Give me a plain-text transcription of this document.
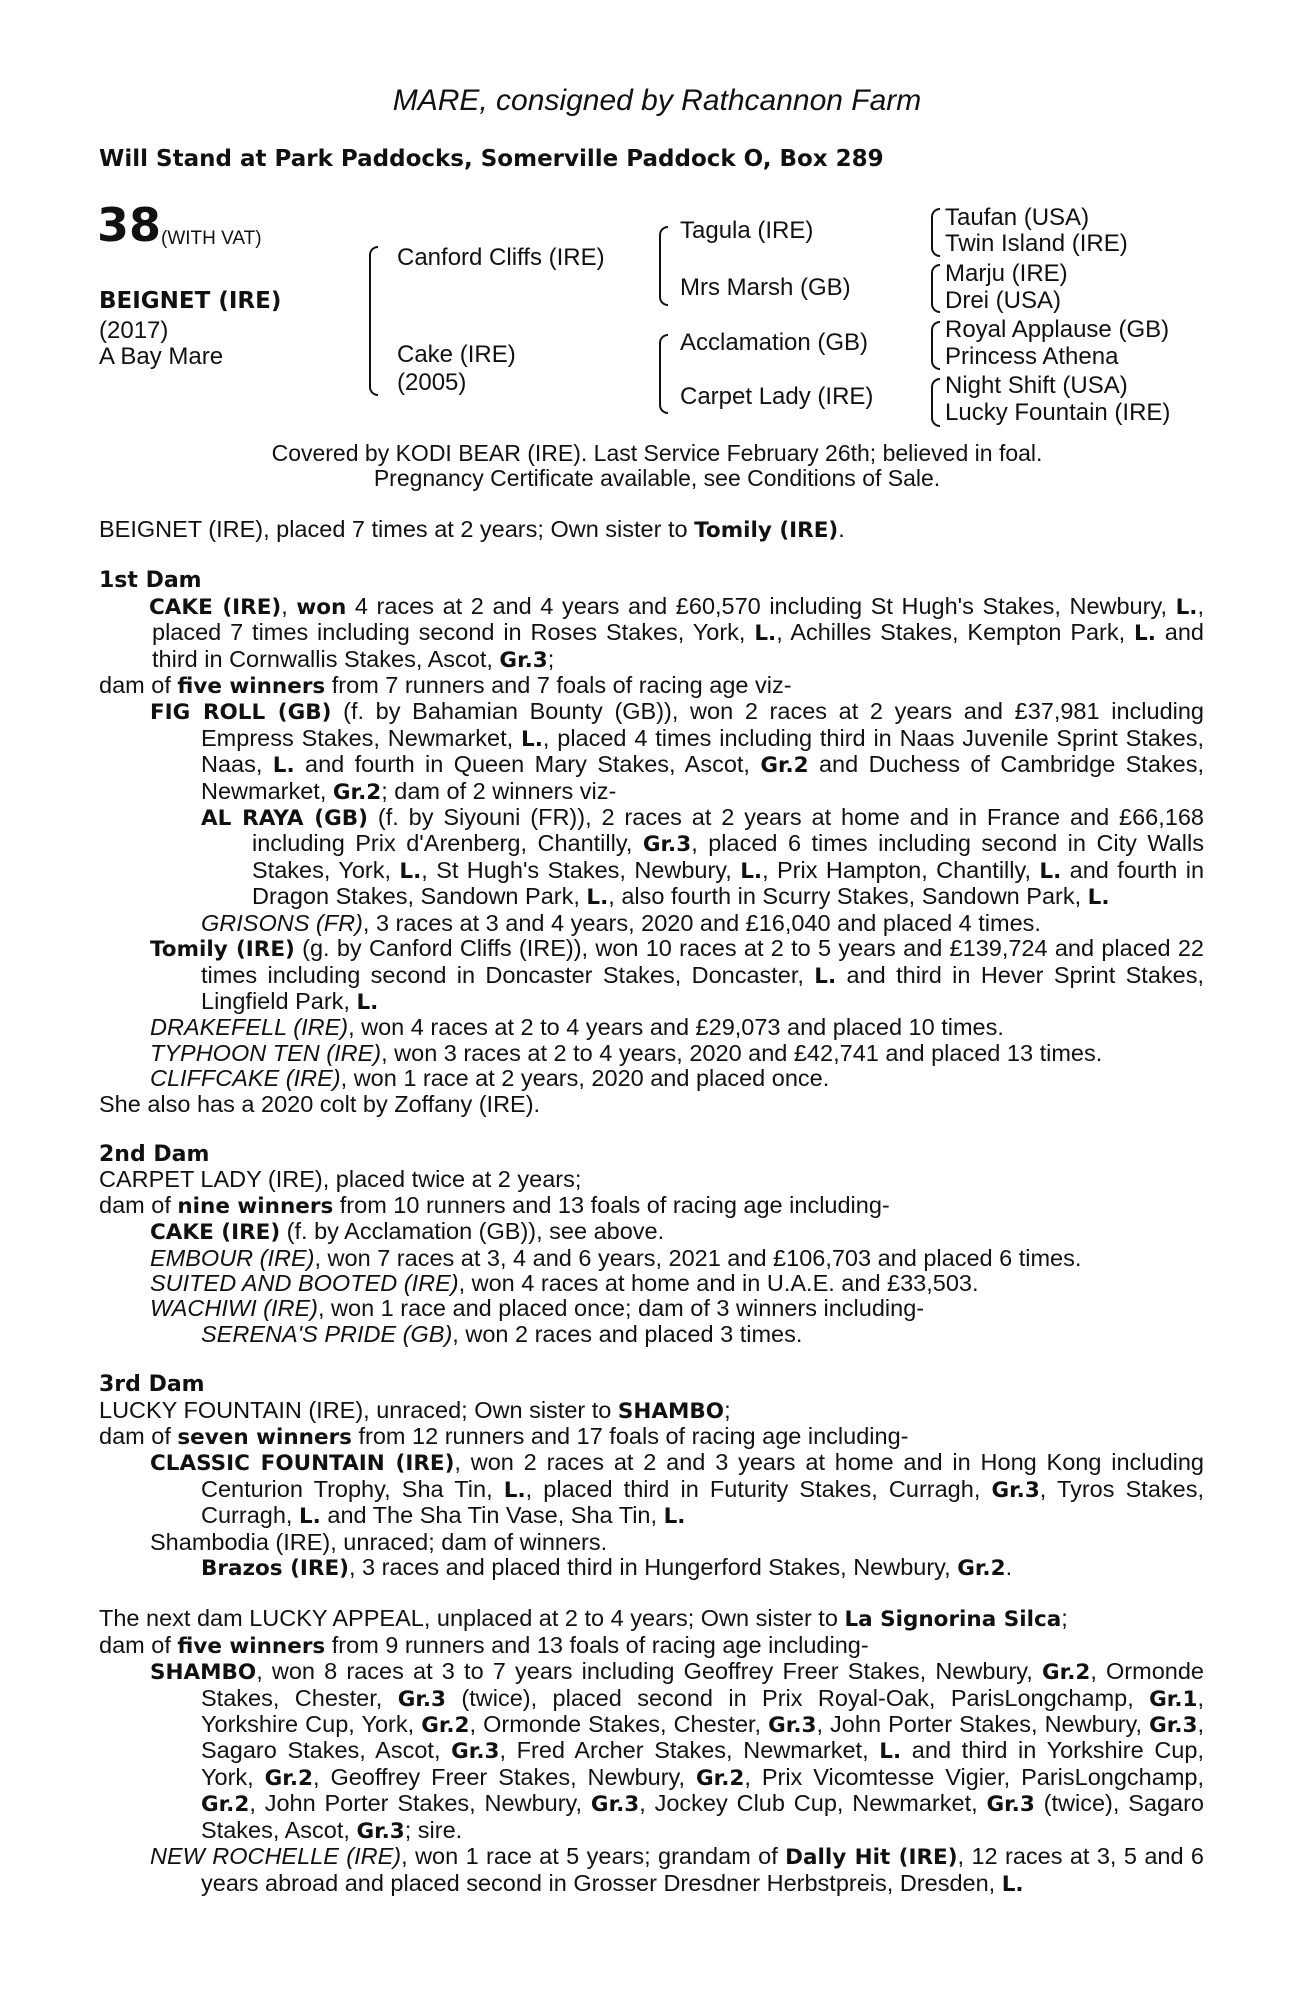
MARE, consigned by Rathcannon Farm
Will Stand at Park Paddocks, Somerville Paddock O, Box 289
38 (WITH VAT)
BEIGNET (IRE)
(2017)
A Bay Mare
Canford Cliffs (IRE)
Cake (IRE)
(2005)
Tagula (IRE)
Mrs Marsh (GB)
Acclamation (GB)
Carpet Lady (IRE)
Taufan (USA)
Twin Island (IRE)
Marju (IRE)
Drei (USA)
Royal Applause (GB)
Princess Athena
Night Shift (USA)
Lucky Fountain (IRE)
Covered by KODI BEAR (IRE). Last Service February 26th; believed in foal.
Pregnancy Certificate available, see Conditions of Sale.
BEIGNET (IRE), placed 7 times at 2 years; Own sister to Tomily (IRE).
1st Dam
CAKE (IRE), won 4 races at 2 and 4 years and £60,570 including St Hugh's Stakes, Newbury, L., placed 7 times including second in Roses Stakes, York, L., Achilles Stakes, Kempton Park, L. and third in Cornwallis Stakes, Ascot, Gr.3;
dam of five winners from 7 runners and 7 foals of racing age viz-
FIG ROLL (GB) (f. by Bahamian Bounty (GB)), won 2 races at 2 years and £37,981 including Empress Stakes, Newmarket, L., placed 4 times including third in Naas Juvenile Sprint Stakes, Naas, L. and fourth in Queen Mary Stakes, Ascot, Gr.2 and Duchess of Cambridge Stakes, Newmarket, Gr.2; dam of 2 winners viz-
AL RAYA (GB) (f. by Siyouni (FR)), 2 races at 2 years at home and in France and £66,168 including Prix d'Arenberg, Chantilly, Gr.3, placed 6 times including second in City Walls Stakes, York, L., St Hugh's Stakes, Newbury, L., Prix Hampton, Chantilly, L. and fourth in Dragon Stakes, Sandown Park, L., also fourth in Scurry Stakes, Sandown Park, L.
GRISONS (FR), 3 races at 3 and 4 years, 2020 and £16,040 and placed 4 times.
Tomily (IRE) (g. by Canford Cliffs (IRE)), won 10 races at 2 to 5 years and £139,724 and placed 22 times including second in Doncaster Stakes, Doncaster, L. and third in Hever Sprint Stakes, Lingfield Park, L.
DRAKEFELL (IRE), won 4 races at 2 to 4 years and £29,073 and placed 10 times.
TYPHOON TEN (IRE), won 3 races at 2 to 4 years, 2020 and £42,741 and placed 13 times.
CLIFFCAKE (IRE), won 1 race at 2 years, 2020 and placed once.
She also has a 2020 colt by Zoffany (IRE).
2nd Dam
CARPET LADY (IRE), placed twice at 2 years;
dam of nine winners from 10 runners and 13 foals of racing age including-
CAKE (IRE) (f. by Acclamation (GB)), see above.
EMBOUR (IRE), won 7 races at 3, 4 and 6 years, 2021 and £106,703 and placed 6 times.
SUITED AND BOOTED (IRE), won 4 races at home and in U.A.E. and £33,503.
WACHIWI (IRE), won 1 race and placed once; dam of 3 winners including-
SERENA'S PRIDE (GB), won 2 races and placed 3 times.
3rd Dam
LUCKY FOUNTAIN (IRE), unraced; Own sister to SHAMBO;
dam of seven winners from 12 runners and 17 foals of racing age including-
CLASSIC FOUNTAIN (IRE), won 2 races at 2 and 3 years at home and in Hong Kong including Centurion Trophy, Sha Tin, L., placed third in Futurity Stakes, Curragh, Gr.3, Tyros Stakes, Curragh, L. and The Sha Tin Vase, Sha Tin, L.
Shambodia (IRE), unraced; dam of winners.
Brazos (IRE), 3 races and placed third in Hungerford Stakes, Newbury, Gr.2.
The next dam LUCKY APPEAL, unplaced at 2 to 4 years; Own sister to La Signorina Silca;
dam of five winners from 9 runners and 13 foals of racing age including-
SHAMBO, won 8 races at 3 to 7 years including Geoffrey Freer Stakes, Newbury, Gr.2, Ormonde Stakes, Chester, Gr.3 (twice), placed second in Prix Royal-Oak, ParisLongchamp, Gr.1, Yorkshire Cup, York, Gr.2, Ormonde Stakes, Chester, Gr.3, John Porter Stakes, Newbury, Gr.3, Sagaro Stakes, Ascot, Gr.3, Fred Archer Stakes, Newmarket, L. and third in Yorkshire Cup, York, Gr.2, Geoffrey Freer Stakes, Newbury, Gr.2, Prix Vicomtesse Vigier, ParisLongchamp, Gr.2, John Porter Stakes, Newbury, Gr.3, Jockey Club Cup, Newmarket, Gr.3 (twice), Sagaro Stakes, Ascot, Gr.3; sire.
NEW ROCHELLE (IRE), won 1 race at 5 years; grandam of Dally Hit (IRE), 12 races at 3, 5 and 6 years abroad and placed second in Grosser Dresdner Herbstpreis, Dresden, L.
